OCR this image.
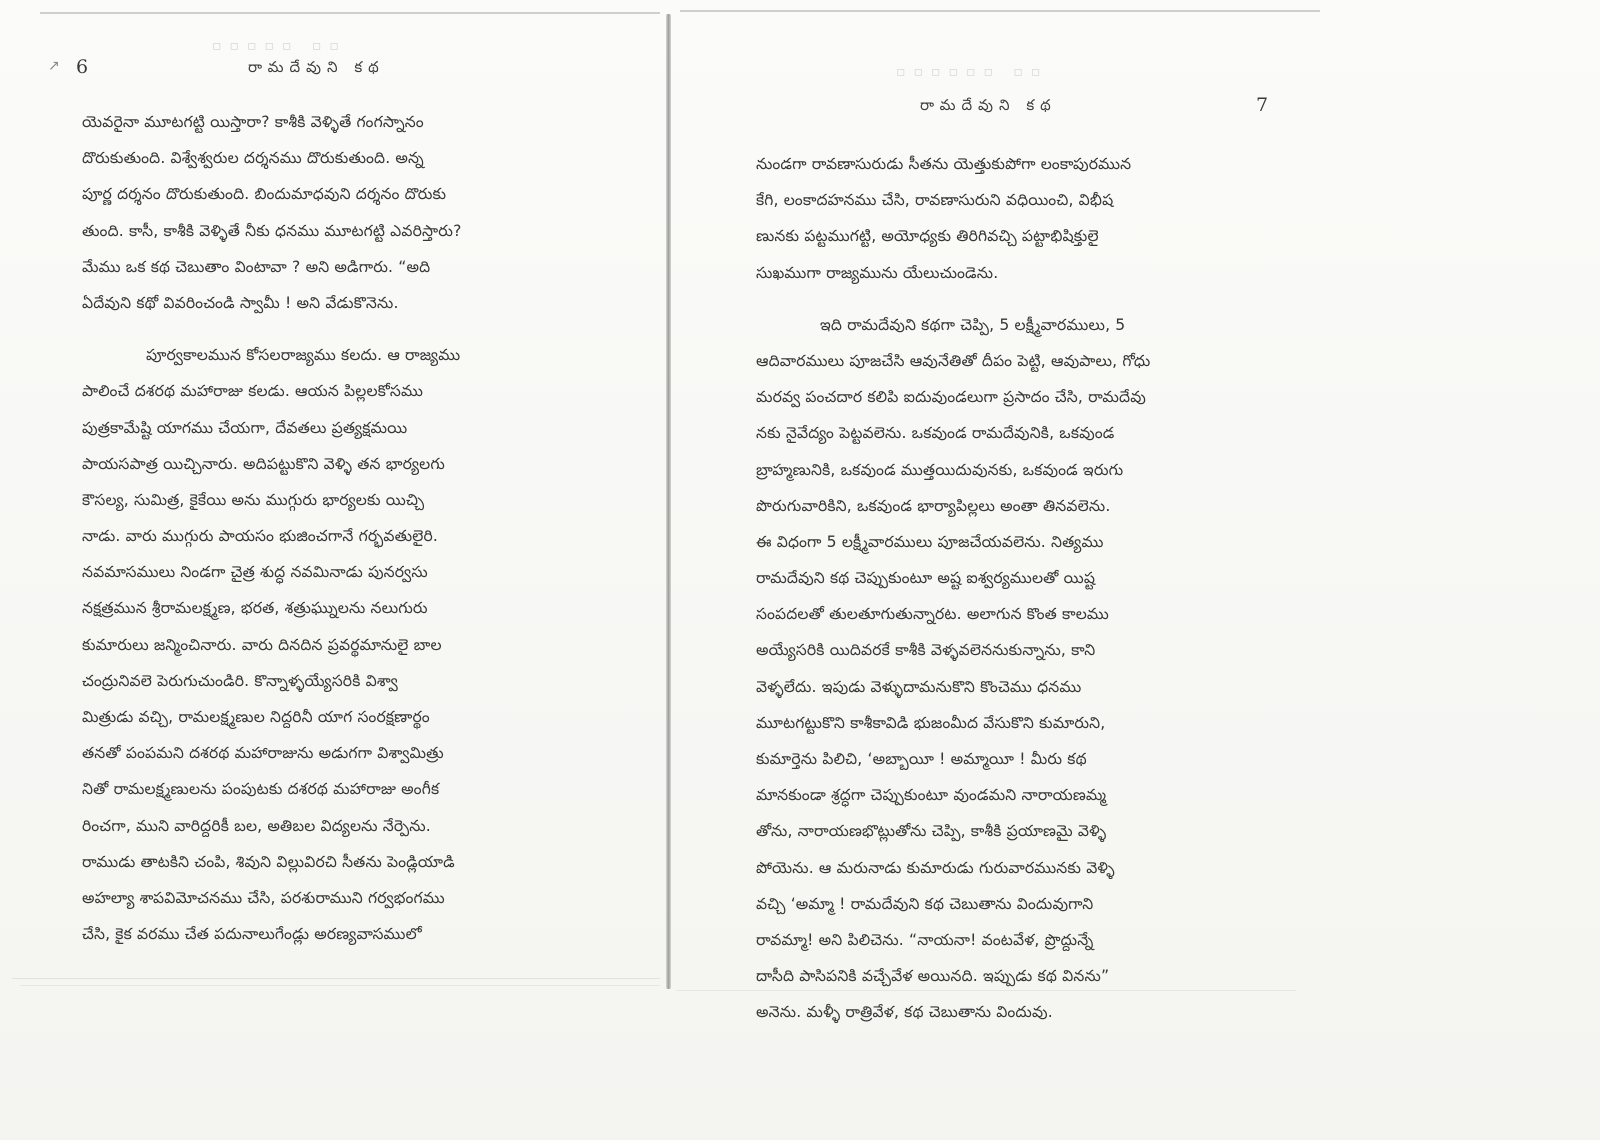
▫▫▫▫▫ ▫▫
↗ 6	రామదేవుని కథ
యెవరైనా మూటగట్టి యిస్తారా? కాశీకి వెళ్ళితే గంగస్నానం
దొరుకుతుంది. విశ్వేశ్వరుల దర్శనము దొరుకుతుంది. అన్న
పూర్ణ దర్శనం దొరుకుతుంది. బిందుమాధవుని దర్శనం దొరుకు
తుంది. కాసీ, కాశీకి వెళ్ళితే నీకు ధనము మూటగట్టి ఎవరిస్తారు?
మేము ఒక కథ చెబుతాం వింటావా ? అని అడిగారు. “అది
ఏదేవుని కథో వివరించండి స్వామీ ! అని వేడుకొనెను.
పూర్వకాలమున కోసలరాజ్యము కలదు. ఆ రాజ్యము
పాలించే దశరథ మహారాజు కలడు. ఆయన పిల్లలకోసము
పుత్రకామేష్టి యాగము చేయగా, దేవతలు ప్రత్యక్షమయి
పాయసపాత్ర యిచ్చినారు. అదిపట్టుకొని వెళ్ళి తన భార్యలగు
కౌసల్య, సుమిత్ర, కైకేయి అను ముగ్గురు భార్యలకు యిచ్చి
నాడు. వారు ముగ్గురు పాయసం భుజించగానే గర్భవతులైరి.
నవమాసములు నిండగా చైత్ర శుద్ధ నవమినాడు పునర్వసు
నక్షత్రమున శ్రీరామలక్ష్మణ, భరత, శత్రుఘ్నులను నలుగురు
కుమారులు జన్మించినారు. వారు దినదిన ప్రవర్థమానులై బాల
చంద్రునివలె పెరుగుచుండిరి. కొన్నాళ్ళయ్యేసరికి విశ్వా
మిత్రుడు వచ్చి, రామలక్ష్మణుల నిద్దరినీ యాగ సంరక్షణార్థం
తనతో పంపమని దశరథ మహారాజును అడుగగా విశ్వామిత్రు
నితో రామలక్ష్మణులను పంపుటకు దశరథ మహారాజు అంగీక
రించగా, ముని వారిద్దరికీ బల, అతిబల విద్యలను నేర్పెను.
రాముడు తాటకిని చంపి, శివుని విల్లువిరచి సీతను పెండ్లియాడి
అహల్యా శాపవిమోచనము చేసి, పరశురాముని గర్వభంగము
చేసి, కైక వరము చేత పదునాలుగేండ్లు అరణ్యవాసములో
▫▫▫▫▫▫ ▫▫
రామదేవుని కథ	7
నుండగా రావణాసురుడు సీతను యెత్తుకుపోగా లంకాపురమున
కేగి, లంకాదహనము చేసి, రావణాసురుని వధియించి, విభీష
ణునకు పట్టముగట్టి, అయోధ్యకు తిరిగివచ్చి పట్టాభిషిక్తులై
సుఖముగా రాజ్యమును యేలుచుండెను.
ఇది రామదేవుని కథగా చెప్పి, 5 లక్ష్మీవారములు, 5
ఆదివారములు పూజచేసి ఆవునేతితో దీపం పెట్టి, ఆవుపాలు, గోధు
మరవ్వ పంచదార కలిపి ఐదువుండలుగా ప్రసాదం చేసి, రామదేవు
నకు నైవేద్యం పెట్టవలెను. ఒకవుండ రామదేవునికి, ఒకవుండ
బ్రాహ్మణునికి, ఒకవుండ ముత్తయిదువునకు, ఒకవుండ ఇరుగు
పొరుగువారికిని, ఒకవుండ భార్యాపిల్లలు అంతా తినవలెను.
ఈ విధంగా 5 లక్ష్మీవారములు పూజచేయవలెను. నిత్యము
రామదేవుని కథ చెప్పుకుంటూ అష్ట ఐశ్వర్యములతో యిష్ట
సంపదలతో తులతూగుతున్నారట. అలాగున కొంత కాలము
అయ్యేసరికి యిదివరకే కాశీకి వెళ్ళవలెననుకున్నాను, కాని
వెళ్ళలేదు. ఇపుడు వెళ్ళుదామనుకొని కొంచెము ధనము
మూటగట్టుకొని కాశీకావిడి భుజంమీద వేసుకొని కుమారుని,
కుమార్తెను పిలిచి, ‘అబ్బాయీ ! అమ్మాయీ ! మీరు కథ
మానకుండా శ్రద్ధగా చెప్పుకుంటూ వుండమని నారాయణమ్మ
తోను, నారాయణభొట్లుతోను చెప్పి, కాశీకి ప్రయాణమై వెళ్ళి
పోయెను. ఆ మరునాడు కుమారుడు గురువారమునకు వెళ్ళి
వచ్చి ‘అమ్మా ! రామదేవుని కథ చెబుతాను విందువుగాని
రావమ్మా! అని పిలిచెను. “నాయనా! వంటవేళ, ప్రొద్దున్నే
దాసీది పాసిపనికి వచ్చేవేళ అయినది. ఇప్పుడు కథ వినను”
అనెను. మళ్ళీ రాత్రివేళ, కథ చెబుతాను విందువు.
